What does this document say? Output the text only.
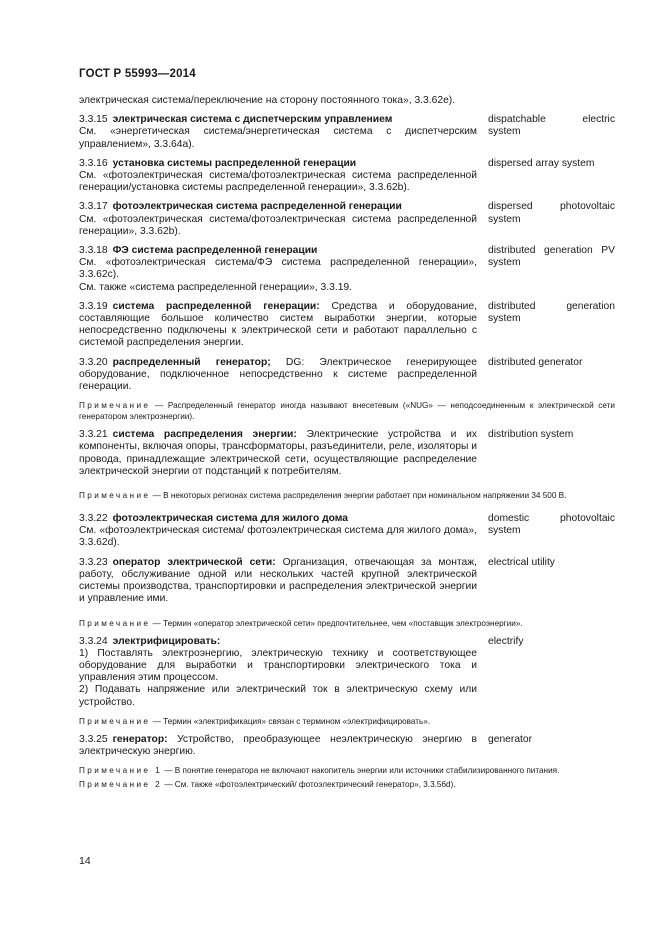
ГОСТ Р 55993—2014
электрическая система/переключение на сторону постоянного тока», 3.3.62e).

3.3.15 электрическая система с диспетчерским управлением

См. «энергетическая система/энергетическая система с диспетчерским управлением», 3.3.64a).

dispatchable electric system

3.3.16 установка системы распределенной генерации

См. «фотоэлектрическая система/фотоэлектрическая система распределенной генерации/установка системы распределенной генерации», 3.3.62b).

dispersed array system

3.3.17 фотоэлектрическая система распределенной генерации

См. «фотоэлектрическая система/фотоэлектрическая система распределенной генерации», 3.3.62b).

dispersed photovoltaic system

3.3.18 ФЭ система распределенной генерации

См. «фотоэлектрическая система/ФЭ система распределенной генерации», 3.3.62c).

См. также «система распределенной генерации», 3.3.19.

distributed generation PV system

3.3.19 система распределенной генерации: Средства и оборудование, составляющие большое количество систем выработки энергии, которые непосредственно подключены к электрической сети и работают параллельно с системой распределения энергии.

distributed generation system

3.3.20 распределенный генератор; DG: Электрическое генерирующее оборудование, подключенное непосредственно к системе распределенной генерации.

distributed generator
Примечание — Распределенный генератор иногда называют внесетевым («NUG» — неподсоединенным к электрической сети генератором электроэнергии).

3.3.21 система распределения энергии: Электрические устройства и их компоненты, включая опоры, трансформаторы, разъединители, реле, изоляторы и провода, принадлежащие электрической сети, осуществляющие распределение электрической энергии от подстанций к потребителям.

distribution system
Примечание — В некоторых регионах система распределения энергии работает при номинальном напряжении 34 500 В.

3.3.22 фотоэлектрическая система для жилого дома

См. «фотоэлектрическая система/ фотоэлектрическая система для жилого дома», 3.3.62d).

domestic photovoltaic system

3.3.23 оператор электрической сети: Организация, отвечающая за монтаж, работу, обслуживание одной или нескольких частей крупной электрической системы производства, транспортировки и распределения электрической энергии и управление ими.

electrical utility
Примечание — Термин «оператор электрической сети» предпочтительнее, чем «поставщик электроэнергии».

3.3.24 электрифицировать:

1) Поставлять электроэнергию, электрическую технику и соответствующее оборудование для выработки и транспортировки электрического тока и управления этим процессом.

2) Подавать напряжение или электрический ток в электрическую схему или устройство.

electrify
Примечание — Термин «электрификация» связан с термином «электрифицировать».

3.3.25 генератор: Устройство, преобразующее неэлектрическую энергию в электрическую энергию.

generator
Примечание 1 — В понятие генератора не включают накопитель энергии или источники стабилизированного питания.
Примечание 2 — См. также «фотоэлектрический/ фотоэлектрический генератор», 3.3.56d).
14
